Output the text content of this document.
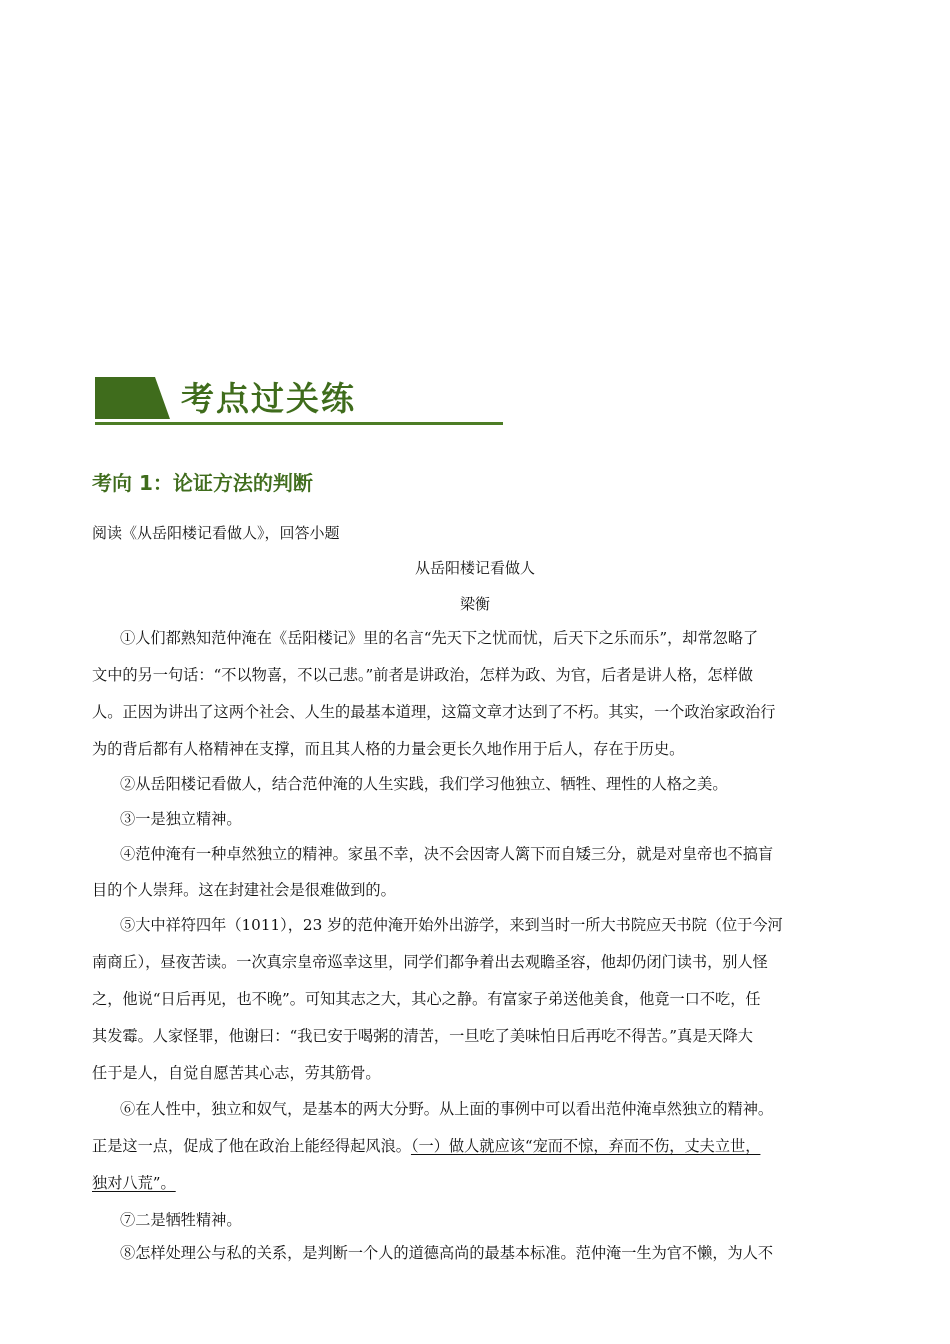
考点过关练
考向 1：论证方法的判断
阅读《从岳阳楼记看做人》，回答小题
从岳阳楼记看做人
梁衡
①人们都熟知范仲淹在《岳阳楼记》里的名言“先天下之忧而忧，后天下之乐而乐”，却常忽略了
文中的另一句话：“不以物喜，不以己悲。”前者是讲政治，怎样为政、为官，后者是讲人格，怎样做
人。正因为讲出了这两个社会、人生的最基本道理，这篇文章才达到了不朽。其实，一个政治家政治行
为的背后都有人格精神在支撑，而且其人格的力量会更长久地作用于后人，存在于历史。
②从岳阳楼记看做人，结合范仲淹的人生实践，我们学习他独立、牺牲、理性的人格之美。
③一是独立精神。
④范仲淹有一种卓然独立的精神。家虽不幸，决不会因寄人篱下而自矮三分，就是对皇帝也不搞盲
目的个人崇拜。这在封建社会是很难做到的。
⑤大中祥符四年（1011），23 岁的范仲淹开始外出游学，来到当时一所大书院应天书院（位于今河
南商丘），昼夜苦读。一次真宗皇帝巡幸这里，同学们都争着出去观瞻圣容，他却仍闭门读书，别人怪
之，他说“日后再见，也不晚”。可知其志之大，其心之静。有富家子弟送他美食，他竟一口不吃，任
其发霉。人家怪罪，他谢曰：“我已安于喝粥的清苦，一旦吃了美味怕日后再吃不得苦。”真是天降大
任于是人，自觉自愿苦其心志，劳其筋骨。
⑥在人性中，独立和奴气，是基本的两大分野。从上面的事例中可以看出范仲淹卓然独立的精神。
正是这一点，促成了他在政治上能经得起风浪。（一）做人就应该“宠而不惊，弃而不伤，丈夫立世，
独对八荒”。
⑦二是牺牲精神。
⑧怎样处理公与私的关系，是判断一个人的道德高尚的最基本标准。范仲淹一生为官不懒，为人不
